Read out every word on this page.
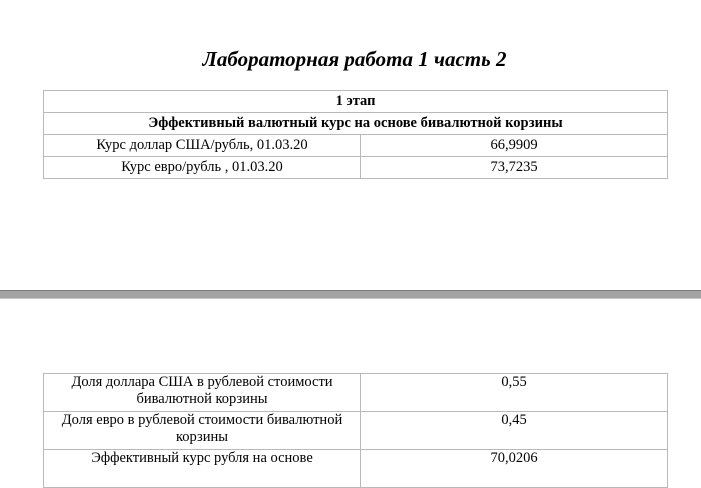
Лабораторная работа 1 часть 2
1 этап	
Эффективный валютный курс на основе бивалютной корзины	
Курс доллар США/рубль, 01.03.20	66,9909
Курс евро/рубль , 01.03.20	73,7235
Доля доллара США в рублевой стоимости бивалютной корзины	0,55
Доля евро в рублевой стоимости бивалютной корзины	0,45
Эффективный курс рубля на основе	70,0206
